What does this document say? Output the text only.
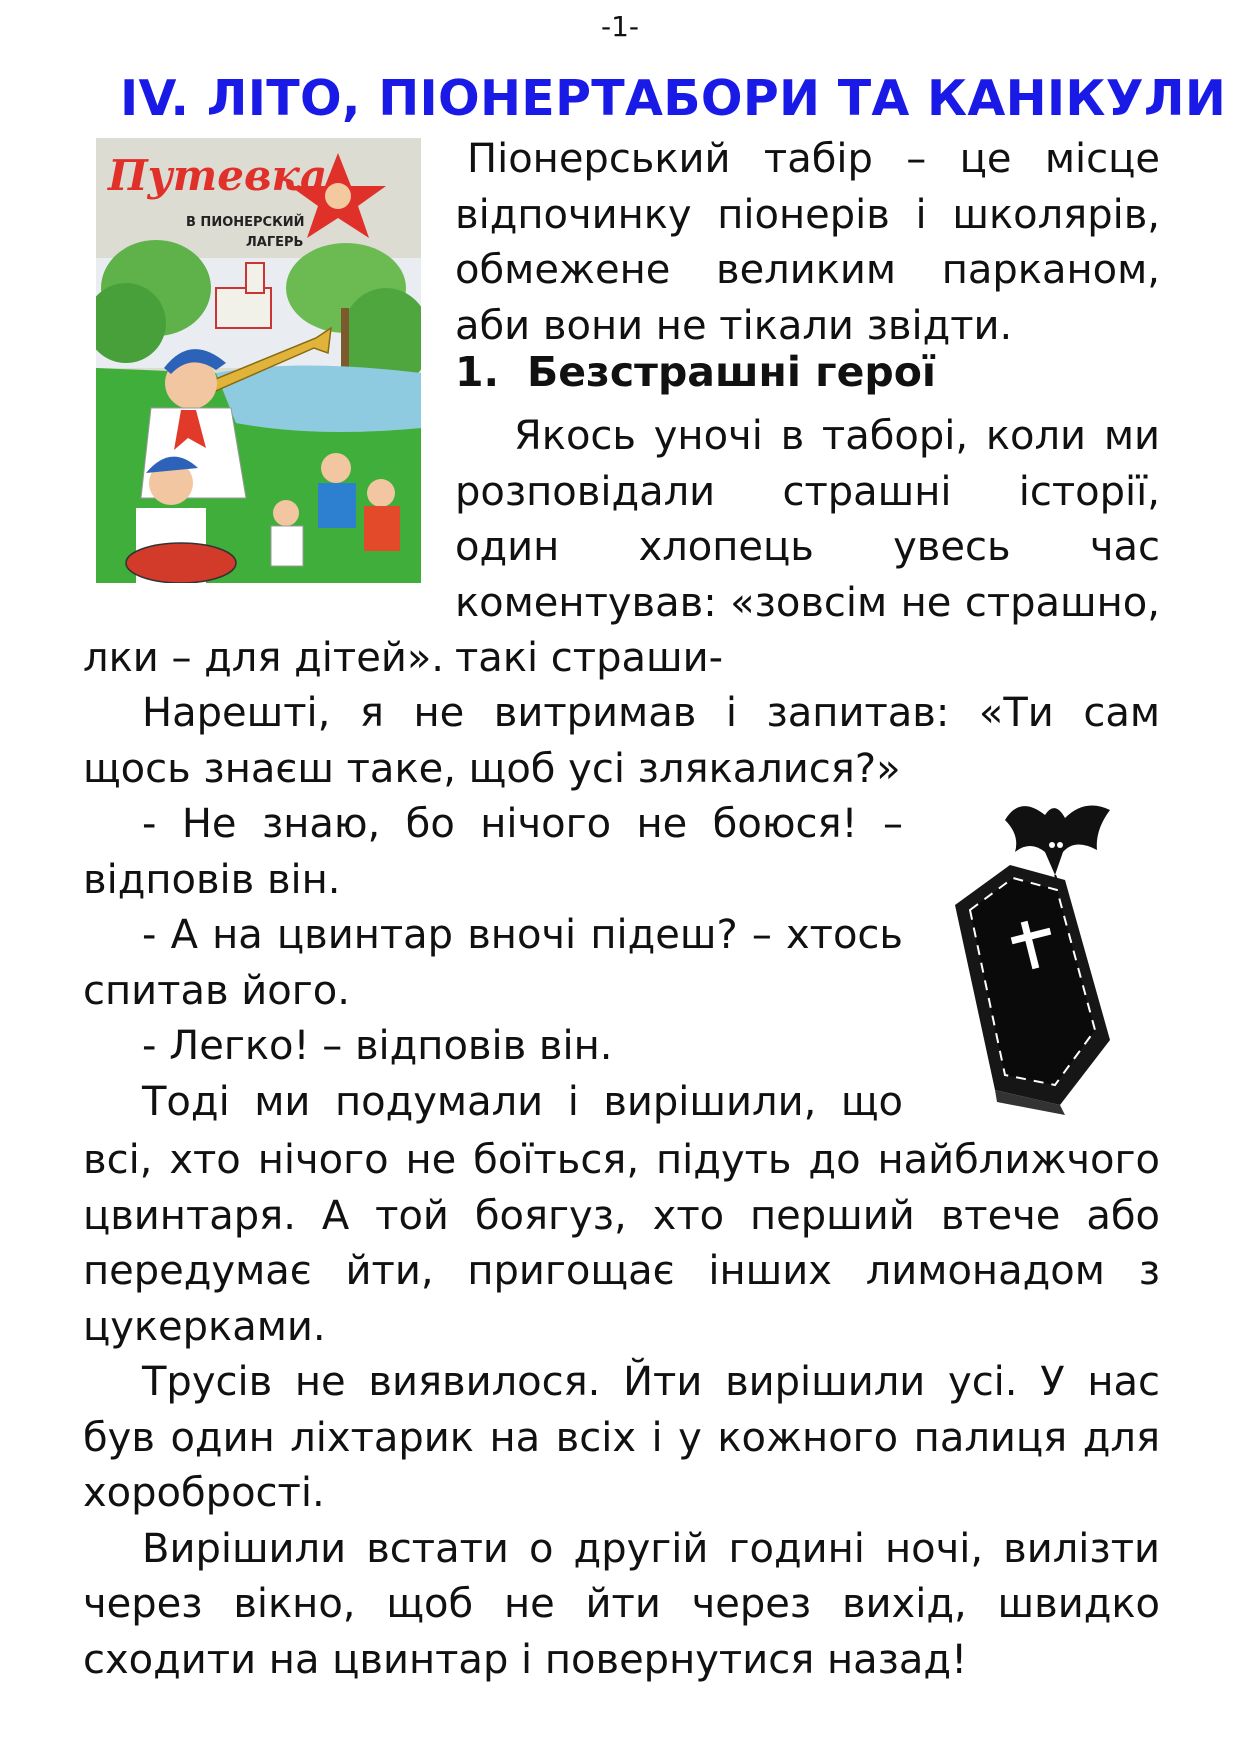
-1-
IV. ЛІТО, ПІОНЕРТАБОРИ ТА КАНІКУЛИ
Путевка
В ПИОНЕРСКИЙ
ЛАГЕРЬ

Піонерський табір – це місце відпочинку піонерів і школярів, обмежене великим парканом, аби вони не тікали звідти.

1. Безстрашні герої

Якось уночі в таборі, коли ми розповідали страшні історії, один хлопець увесь час коментував: «зовсім не страшно, такі страши-

лки – для дітей».

Нарешті, я не витримав і запитав: «Ти сам щось знаєш таке, щоб усі злякалися?»

- Не знаю, бо нічого не боюся! – відповів він.

- А на цвинтар вночі підеш? – хтось спитав його.

- Легко! – відповів він.

Тоді ми подумали і вирішили, що

всі, хто нічого не боїться, підуть до найближчого цвинтаря. А той боягуз, хто перший втече або передумає йти, пригощає інших лимонадом з цукерками.

Трусів не виявилося. Йти вирішили усі. У нас був один ліхтарик на всіх і у кожного палиця для хоробрості.

Вирішили встати о другій годині ночі, вилізти через вікно, щоб не йти через вихід, швидко сходити на цвинтар і повернутися назад!
